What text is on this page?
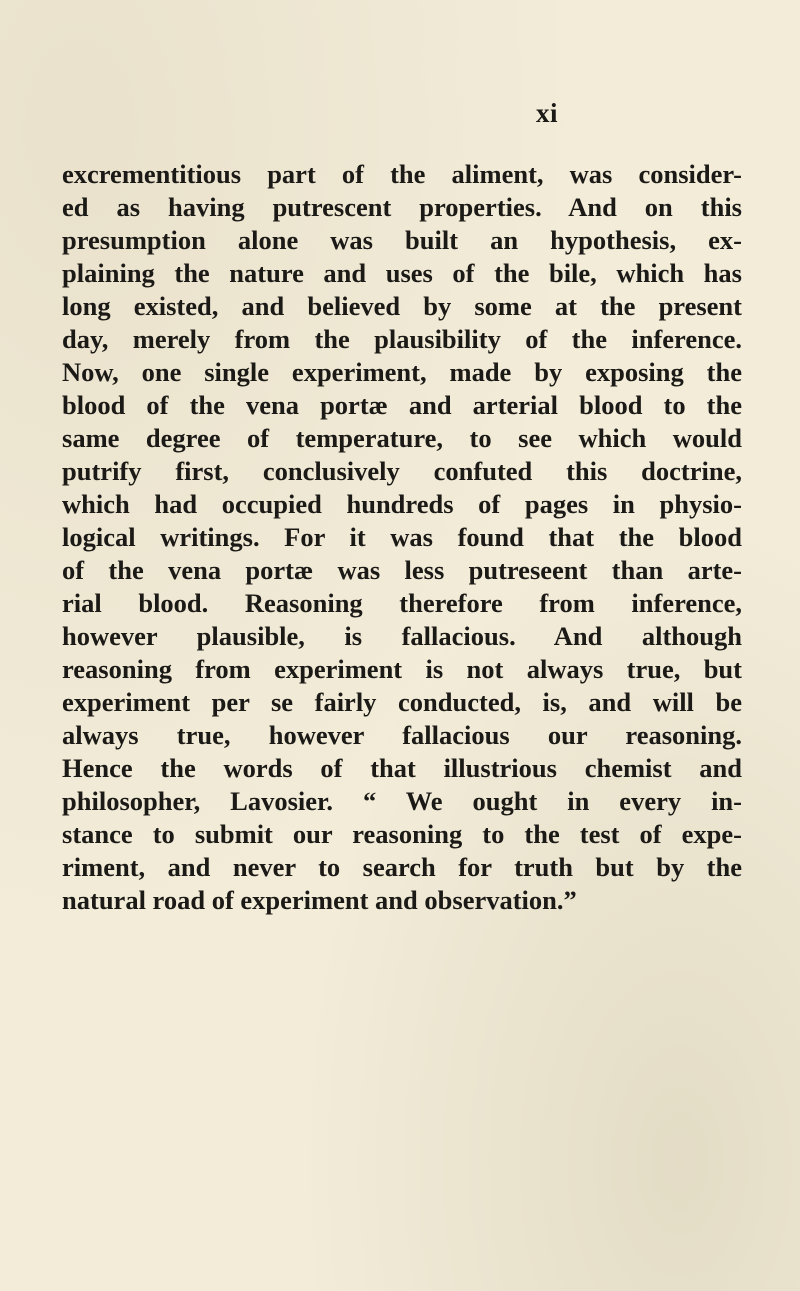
xi
excrementitious part of the aliment, was consider-
ed as having putrescent properties. And on this
presumption alone was built an hypothesis, ex-
plaining the nature and uses of the bile, which has
long existed, and believed by some at the present
day, merely from the plausibility of the inference.
Now, one single experiment, made by exposing the
blood of the vena portæ and arterial blood to the
same degree of temperature, to see which would
putrify first, conclusively confuted this doctrine,
which had occupied hundreds of pages in physio-
logical writings. For it was found that the blood
of the vena portæ was less putreseent than arte-
rial blood. Reasoning therefore from inference,
however plausible, is fallacious. And although
reasoning from experiment is not always true, but
experiment per se fairly conducted, is, and will be
always true, however fallacious our reasoning.
Hence the words of that illustrious chemist and
philosopher, Lavosier. “ We ought in every in-
stance to submit our reasoning to the test of expe-
riment, and never to search for truth but by the
natural road of experiment and observation.”
